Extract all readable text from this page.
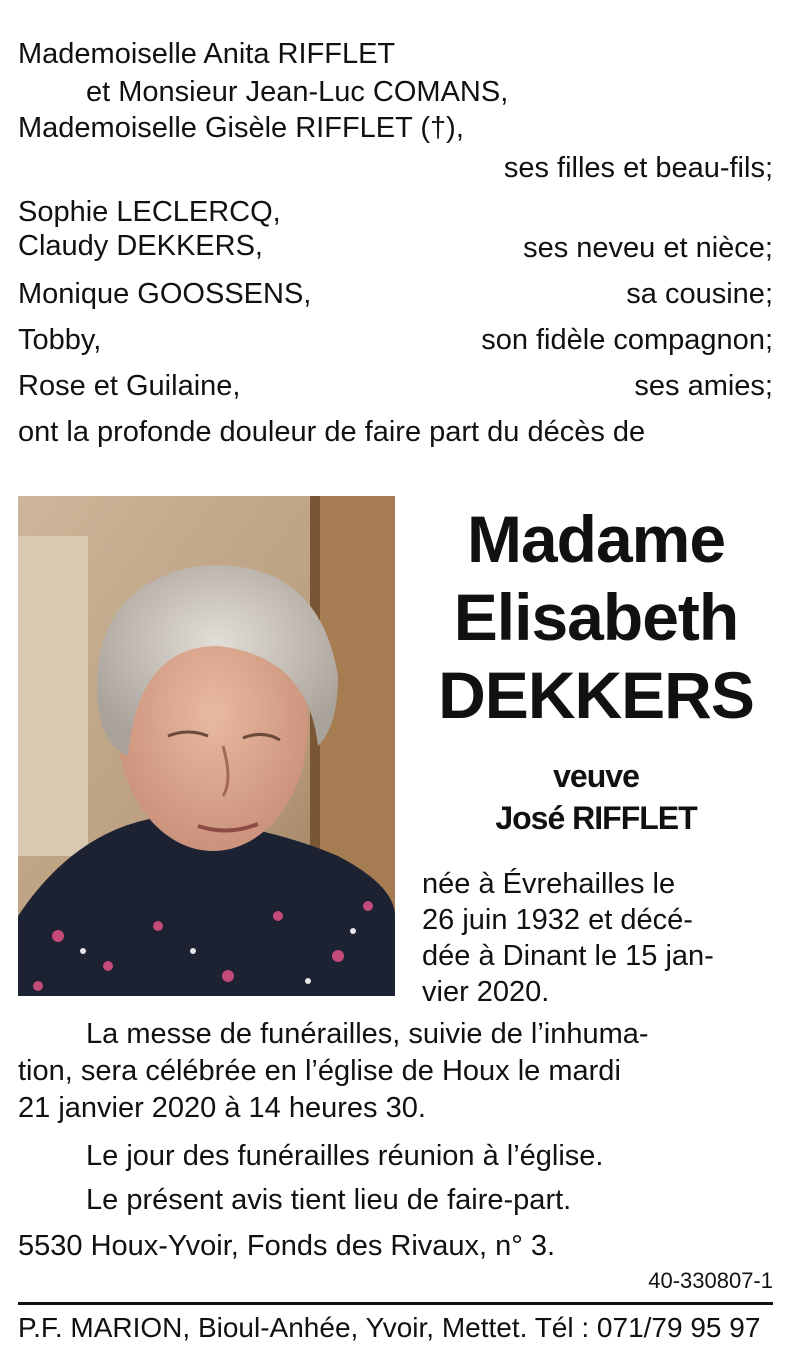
Mademoiselle Anita RIFFLET
et Monsieur Jean-Luc COMANS,
Mademoiselle Gisèle RIFFLET (†),
ses filles et beau-fils;
Sophie LECLERCQ,
Claudy DEKKERS,	ses neveu et nièce;
Monique GOOSSENS,	sa cousine;
Tobby,	son fidèle compagnon;
Rose et Guilaine,	ses amies;
ont la profonde douleur de faire part du décès de
Madame
Elisabeth
DEKKERS
veuve
José RIFFLET
née à Évrehailles le
26 juin 1932 et décé-
dée à Dinant le 15 jan-
vier 2020.
La messe de funérailles, suivie de l’inhuma-
tion, sera célébrée en l’église de Houx le mardi
21 janvier 2020 à 14 heures 30.
Le jour des funérailles réunion à l’église.
Le présent avis tient lieu de faire-part.
5530 Houx-Yvoir, Fonds des Rivaux, n° 3.
40-330807-1
P.F. MARION, Bioul-Anhée, Yvoir, Mettet. Tél : 071/79 95 97
